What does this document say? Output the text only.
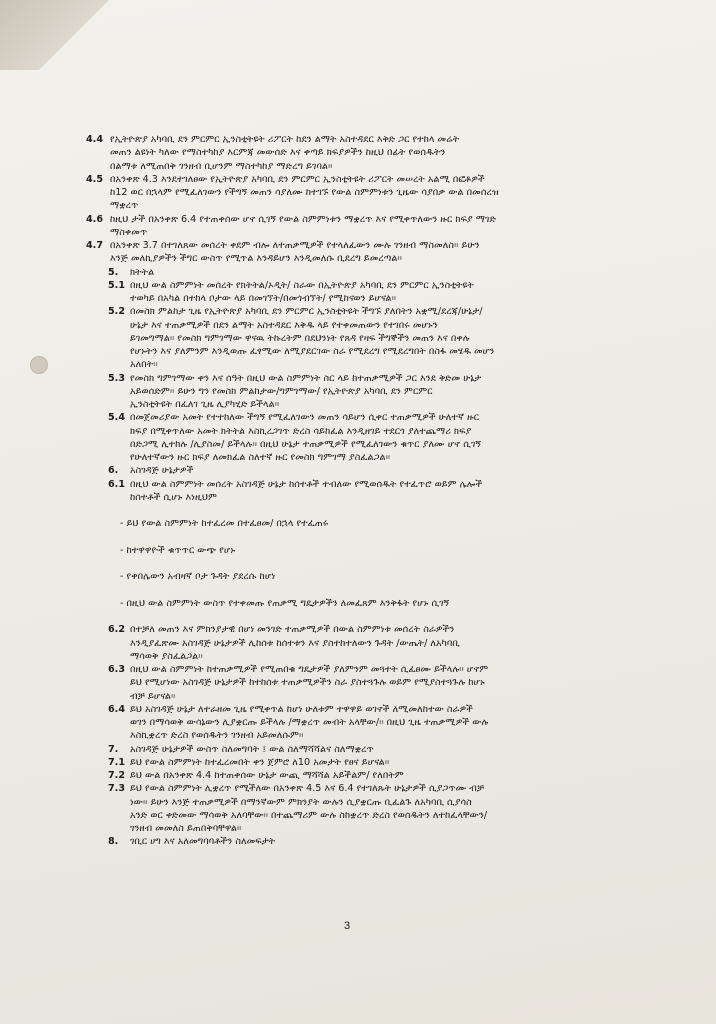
4.4 የኢትዮጵያ አካባቢ ደን ምርምር ኢንስቲትዩት ሪፖርት ከደን ልማት አስተዳደር እቅድ ጋር የተከላ መሬት
መጠን ልዩነት ካለው የማስተካከያ እርምጃ መውሰድ እና ቀጣይ ክፍያዎችን ከዚህ በፊት የወሰዱትን
በልማቱ ለሚጠበቅ ገንዘብ ቢሆንም ማስተካከያ ማድረግ ይገባል፡፡
4.5 በአንቀጽ 4.3 እንደተገለፀው የኢትዮጵያ አካባቢ ደን ምርምር ኢንስቲትዩት ሪፖርት መሠረት አልሚ በፎቶዎች
ከ12 ወር በኋላም የሚፈለገውን የችግኝ መጠን ሳያለሙ ከተገኙ የውል ስምምነቱን ጊዜው ሳያበቃ ውል በመሰረዝ
ማቋረጥ
4.6 ከዚህ ታች በአንቀጽ 6.4 የተጠቀሰው ሆኖ ሲገኝ የውል ስምምነቱን ማቋረጥ እና የሚቀጥለውን ዙር ክፍያ ማገድ
ማስቀመጥ
4.7 በአንቀጽ 3.7 በተገለጸው መሰረት ቀደም ብሎ ለተጠቃሚዎች የተላለፈውን ሙሉ ገንዘብ ማስመለስ፡፡ ይሁን
እንጅ መለኪያዎችን ችግር ውስጥ የሚጥል እንዳይሆን እንዲመለሱ ቢደረግ ይመረጣል፡፡
5. ክትትል
5.1 በዚህ ውል ስምምነት መሰረት የክትትል/ኦዲት/ ስራው በኢትዮጵያ አካባቢ ደን ምርምር ኢንስቲትዩት
ተወካይ በአካል በተከላ ቦታው ላይ በመገኘት/በመጎብኘት/ የሚከናወን ይሆናል፡፡
5.2 በመስክ ምልከታ ጊዜ የኢትዮጵያ አካባቢ ደን ምርምር ኢንስቲትዩት ችግኙ ያለበትን አቋሚ/ደረጃ/ሁኔታ/
ሁኔታ እና ተጠቃሚዎች በደን ልማት አስተዳደር እቅዱ ላይ የተቀመጠውን የተገበሩ መሆኑን
ይገመግማል፡፡ የመስክ ግምገማው ዋናዉ ትኩረትም በደህንነት የጸዳ የዛፍ ችግኞችን መጠን እና በቀሉ
የሆኑትን እና ያለምንም እንዲወጡ ፈፃሚው ለሚያደርገው ስራ የሚደረግ የሚደረግበት በስፋ መሄዱ መሆን
አለበት፡፡
5.3 የመስክ ግምገማው ቀን እና ሰዓት በዚህ ውል ስምምነት ስር ላይ ከተጠቃሚዎች ጋር እንደ ቅድመ ሁኔታ
አይወሰድም፡፡ ይሁን ግን የመስክ ምልከታው/ግምገማው/ የኢትዮጵያ አካባቢ ደን ምርምር
ኢንስቲትዩት በፈለገ ጊዜ ሊያካሂድ ይችላል፡፡
5.4 በመጀመሪያው አመት የተተከለው ችግኝ የሚፈለገውን መጠን ሳይሆን ሲቀር ተጠቃሚዎች ሁለተኛ ዙር
ክፍያ በሚቀጥለው አመት ክትትል እስኪረጋገጥ ድረስ ሳይከፈል እንዲዘገይ ተደርጎ ያለተጨማሪ ክፍያ
በድጋሚ ሊተከሉ /ሊያስመ/ ይችላሉ፡፡ በዚህ ሁኔታ ተጠቃሚዎች የሚፈለገውን ቁጥር ያለሙ ሆኖ ሲገኝ
የሁለተኛውን ዙር ክፍያ ለመክፈል ስለተኛ ዙር የመስክ ግምገማ ያስፈልጋል፡፡
6. አስገዳጅ ሁኔታዎች
6.1 በዚህ ውል ስምምነት መሰረት አስገዳጅ ሁኔታ ከሰተቶች ተብለው የሚወሰዱት የተፈጥሮ ወይም ሌሎች
ከሰተቶች ሲሆኑ እነዚህም
- ይህ የውል ስምምነት ከተፈረመ በተፈፀመ/ በኋላ የተፈጠሩ
- ከተዋዋዮች ቁጥጥር ውጭ የሆኑ
- የቀበሌውን አብዛኛ ቦታ ጉዳት ያደረሱ ከሆነ
- በዚህ ውል ስምምነት ውስጥ የተቀመጡ የጠቃሚ ግዴታዎችን ለመፈጸም እንቅፋት የሆኑ ሲገኝ
6.2 በተቻለ መጠን እና ምክንያታዊ በሆነ መንገድ ተጠቃሚዎች በውል ስምምነቱ መሰረት ስራዎችን
እንዲያፈጽሙ አስገዳጅ ሁኔታዎች ሊከሰቱ ከሰተቱን እና ያስተከተለውን ጉዳት /ውጤት/ ለአካባቢ
ማሳወቅ ያስፈልጋል፡፡
6.3 በዚህ ውል ስምምነት ከተጠቃሚዎች የሚጠበቁ ግዴታዎች ያለምንም መጓተት ሲፈፀሙ ይችላሉ፡፡ ሆኖም
ይህ የሚሆነው አስገዳጅ ሁኔታዎች ከተከሰቱ ተጠቃሚዎችን ስራ ያስተጓጉሉ ወይም የሚያስተጓጉሉ ከሆኑ
ብቻ ይሆናል፡፡
6.4 ይህ አስገዳጅ ሁኔታ ለተራዘመ ጊዜ የሚቀጥል ከሆነ ሁለቱም ተዋዋይ ወገኖች ለሚመለከተው ስራዎች
ወገን በማሳወቅ ውሳኔውን ሊያቋርጡ ይችላሉ /ማቋረጥ መብት አላቸው/፡፡ በዚህ ጊዜ ተጠቃሚዎች ውሉ
እስኪቋረጥ ድረስ የወሰዱትን ገንዘብ አይመለሱም፡፡
7. አስገዳጅ ሁኔታዎች ውስጥ ስለመግባት ፤ ውል ስለማሻሻልና ስለማቋረጥ
7.1 ይህ የውል ስምምነት ከተፈረመበት ቀን ጀምሮ ለ10 አመታት የፀና ይሆናል፡፡
7.2 ይህ ውል በአንቀጽ 4.4 ከተጠቀሰው ሁኔታ ውጪ ማሻሻል አይችልም/ የለበትም
7.3 ይህ የውል ስምምነት ሊቋረጥ የሚችለው በአንቀጽ 4.5 እና 6.4 የተገለጹት ሁኔታዎች ሲያጋጥሙ ብቻ
ነው፡፡ ይሁን እንጅ ተጠቃሚዎች በማንኛውም ምክንያት ውሉን ሲያቋርጡ ቢፈልጉ ለአካባቢ ሲያሳስ
አንድ ወር ቀድመው ማሳወቅ አለባቸው፡፡ በተጨማሪም ውሉ ስከቋረጥ ድረስ የወሰዱትን ለተከፈላቸውን/
ገንዘብ መመለስ ይጠበቅባቸዋል፡፡
8. ገቢር ሀግ እና አለመግባባቶችን ስለመፍታት
3
